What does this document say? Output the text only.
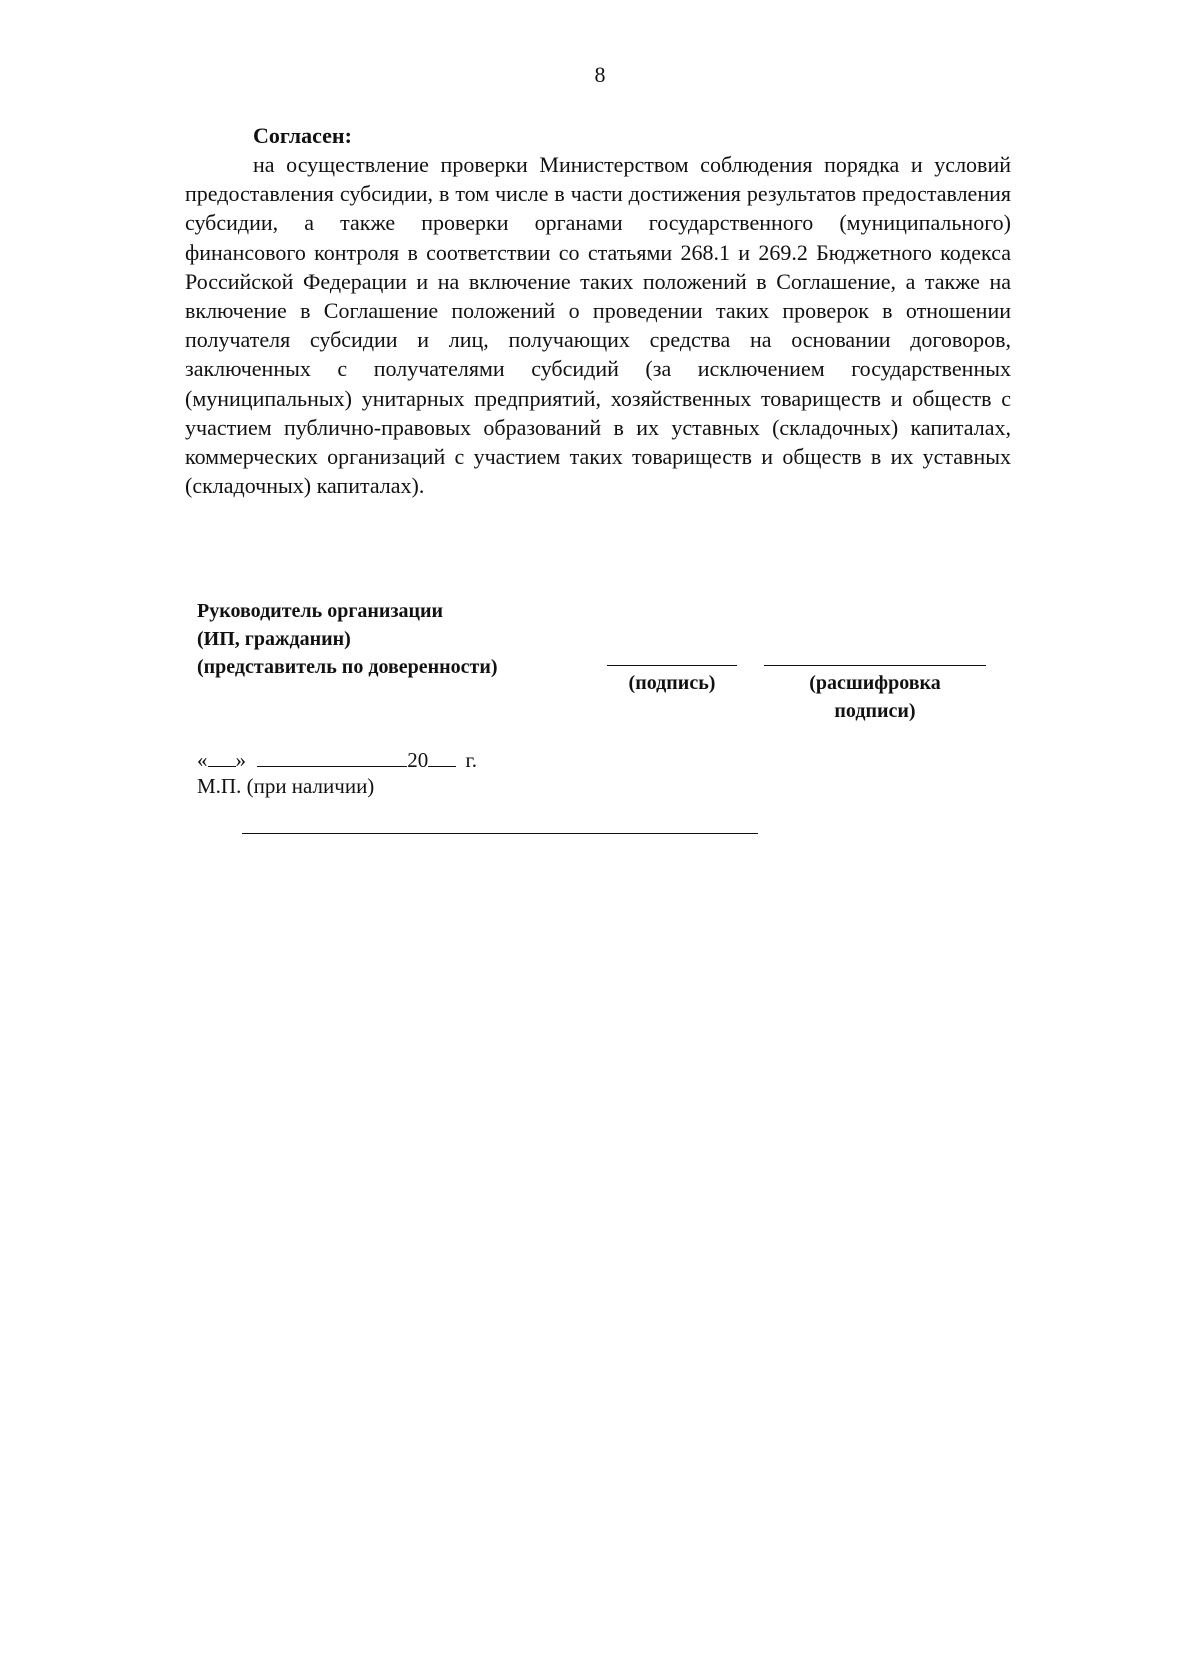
8
Согласен:

на осуществление проверки Министерством соблюдения порядка и условий предоставления субсидии, в том числе в части достижения результатов предоставления субсидии, а также проверки органами государственного (муниципального) финансового контроля в соответствии со статьями 268.1 и 269.2 Бюджетного кодекса Российской Федерации и на включение таких положений в Соглашение, а также на включение в Соглашение положений о проведении таких проверок в отношении получателя субсидии и лиц, получающих средства на основании договоров, заключенных с получателями субсидий (за исключением государственных (муниципальных) унитарных предприятий, хозяйственных товариществ и обществ с участием публично-правовых образований в их уставных (складочных) капиталах, коммерческих организаций с участием таких товариществ и обществ в их уставных (складочных) капиталах).

Руководитель организации
(ИП, гражданин)
(представитель по доверенности)
(подпись)	(расшифровка
подписи)
« »	20 г.
М.П. (при наличии)
